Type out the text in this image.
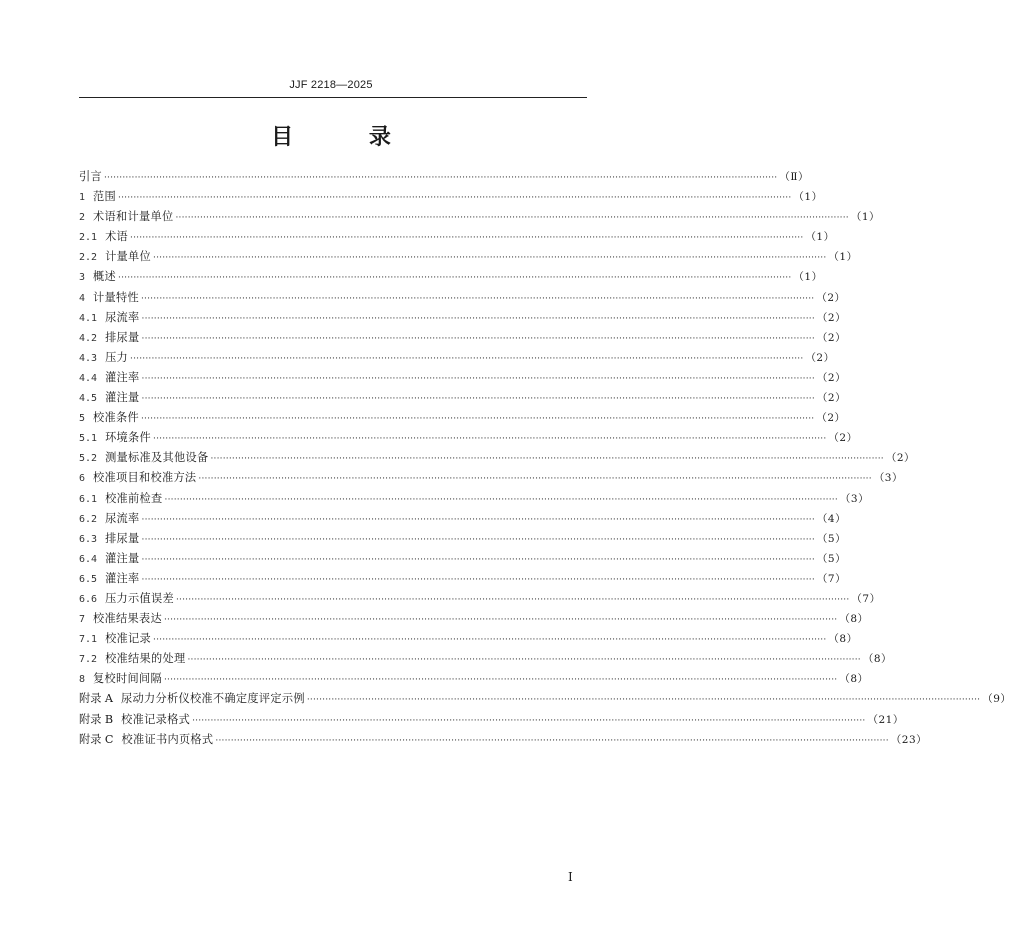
JJF 2218—2025
目 录
引言 ···························································································································································································································· （Ⅱ）
1 范围 ···························································································································································································································· （1）
2 术语和计量单位 ···························································································································································································································· （1）
2.1 术语 ···························································································································································································································· （1）
2.2 计量单位 ···························································································································································································································· （1）
3 概述 ···························································································································································································································· （1）
4 计量特性 ···························································································································································································································· （2）
4.1 尿流率 ···························································································································································································································· （2）
4.2 排尿量 ···························································································································································································································· （2）
4.3 压力 ···························································································································································································································· （2）
4.4 灌注率 ···························································································································································································································· （2）
4.5 灌注量 ···························································································································································································································· （2）
5 校准条件 ···························································································································································································································· （2）
5.1 环境条件 ···························································································································································································································· （2）
5.2 测量标准及其他设备 ···························································································································································································································· （2）
6 校准项目和校准方法 ···························································································································································································································· （3）
6.1 校准前检查 ···························································································································································································································· （3）
6.2 尿流率 ···························································································································································································································· （4）
6.3 排尿量 ···························································································································································································································· （5）
6.4 灌注量 ···························································································································································································································· （5）
6.5 灌注率 ···························································································································································································································· （7）
6.6 压力示值误差 ···························································································································································································································· （7）
7 校准结果表达 ···························································································································································································································· （8）
7.1 校准记录 ···························································································································································································································· （8）
7.2 校准结果的处理 ···························································································································································································································· （8）
8 复校时间间隔 ···························································································································································································································· （8）
附录 A 尿动力分析仪校准不确定度评定示例 ···························································································································································································································· （9）
附录 B 校准记录格式 ···························································································································································································································· （21）
附录 C 校准证书内页格式 ···························································································································································································································· （23）
I
